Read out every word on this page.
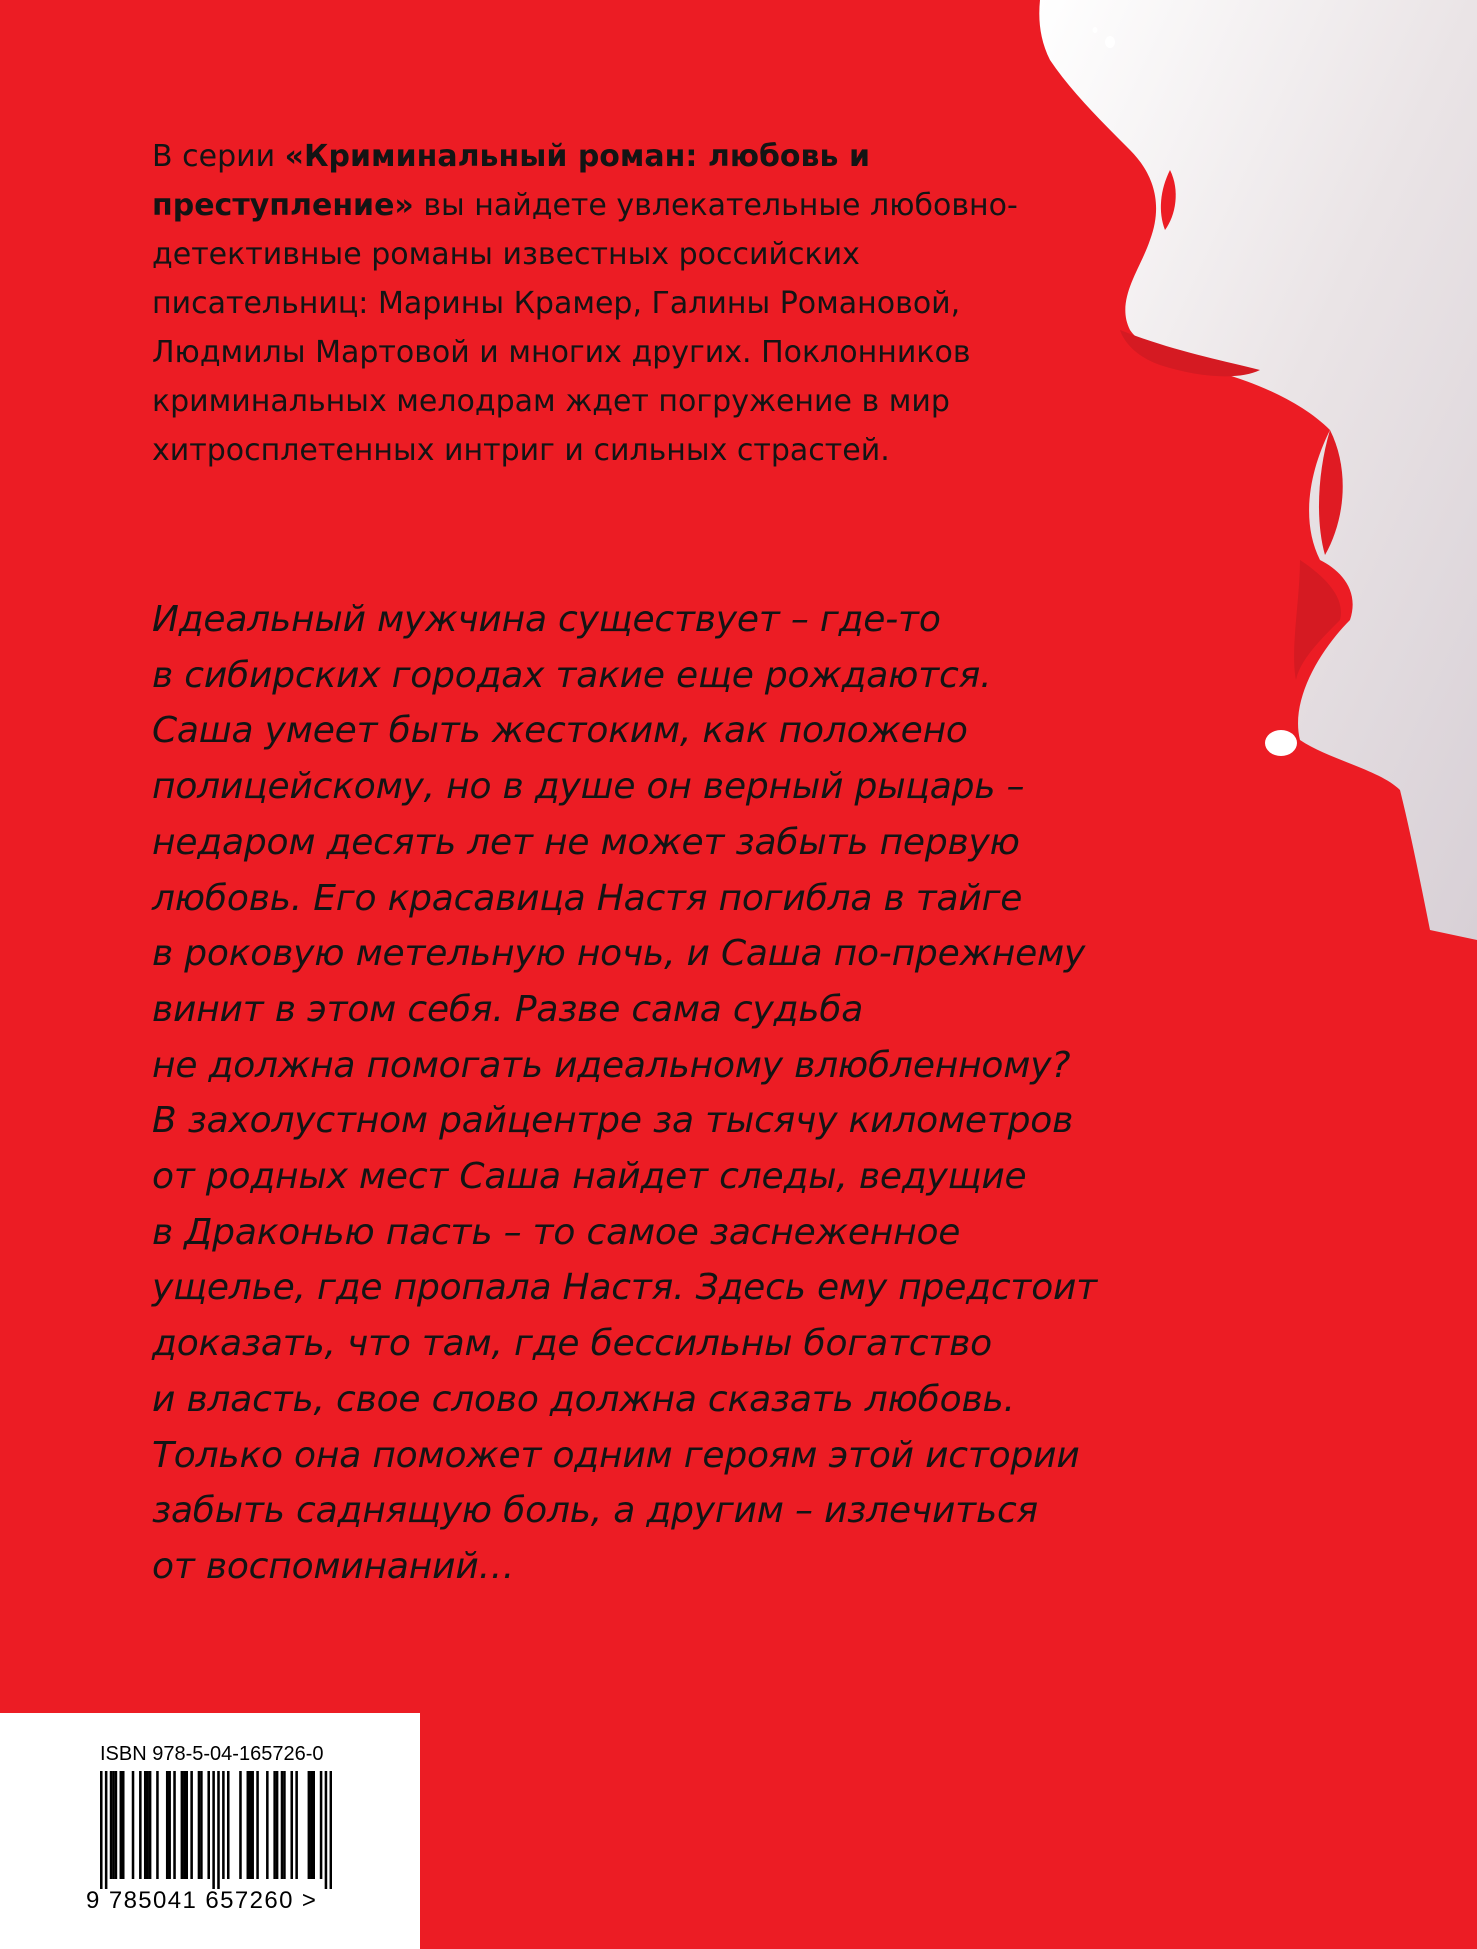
В серии «Криминальный роман: любовь и преступление» вы найдете увлекательные любовно-детективные романы известных российских писательниц: Марины Крамер, Галины Романовой, Людмилы Мартовой и многих других. Поклонников криминальных мелодрам ждет погружение в мир хитросплетенных интриг и сильных страстей.

Идеальный мужчина существует – где-то
в сибирских городах такие еще рождаются.
Саша умеет быть жестоким, как положено
полицейскому, но в душе он верный рыцарь –
недаром десять лет не может забыть первую
любовь. Его красавица Настя погибла в тайге
в роковую метельную ночь, и Саша по-прежнему
винит в этом себя. Разве сама судьба
не должна помогать идеальному влюбленному?
В захолустном райцентре за тысячу километров
от родных мест Саша найдет следы, ведущие
в Драконью пасть – то самое заснеженное
ущелье, где пропала Настя. Здесь ему предстоит
доказать, что там, где бессильны богатство
и власть, свое слово должна сказать любовь.
Только она поможет одним героям этой истории
забыть саднящую боль, а другим – излечиться
от воспоминаний…
ISBN 978-5-04-165726-0
9 785041 657260 >
